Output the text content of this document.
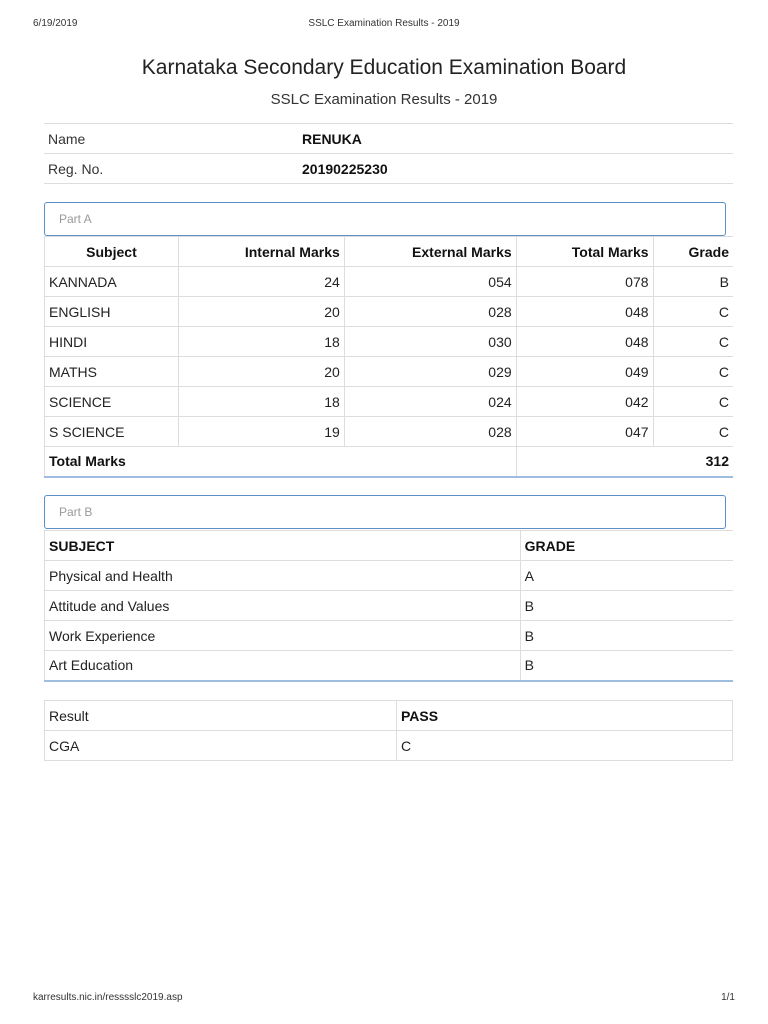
6/19/2019	SSLC Examination Results - 2019
Karnataka Secondary Education Examination Board
SSLC Examination Results - 2019
Name	RENUKA
Reg. No.	20190225230
Part A
Subject	Internal Marks	External Marks	Total Marks	Grade
KANNADA	24	054	078	B
ENGLISH	20	028	048	C
HINDI	18	030	048	C
MATHS	20	029	049	C
SCIENCE	18	024	042	C
S SCIENCE	19	028	047	C
Total Marks			312	
Part B
SUBJECT	GRADE
Physical and Health	A
Attitude and Values	B
Work Experience	B
Art Education	B
Result	PASS
CGA	C
karresults.nic.in/resssslc2019.asp	1/1
